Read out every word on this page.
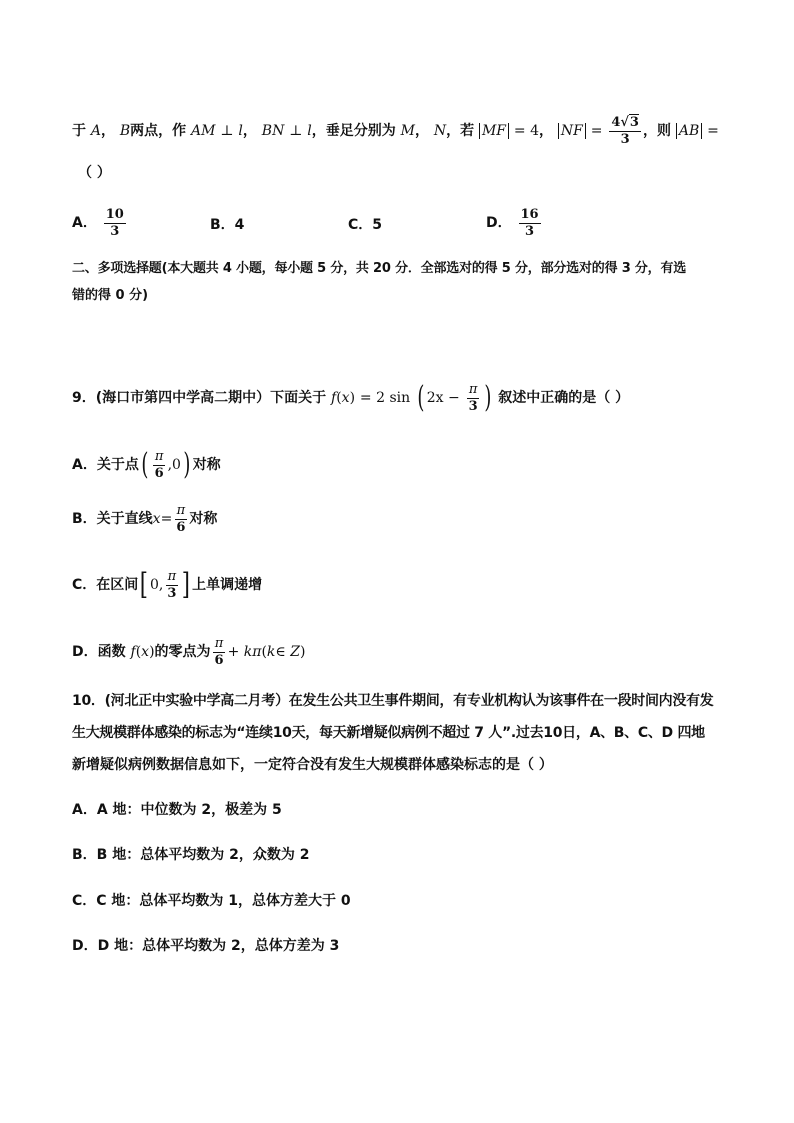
于 A， B两点，作 AM ⊥ l， BN ⊥ l，垂足分别为 M， N，若 MF = 4， NF = $\frac{4√3}{3}$ ，则 AB =
（ ）
A． $\frac{10}{3}$	B．4	C．5	D． $\frac{16}{3}$
二、多项选择题(本大题共 4 小题，每小题 5 分，共 20 分．全部选对的得 5 分，部分选对的得 3 分，有选
错的得 0 分)
9．(海口市第四中学高二期中）下面关于 f(x) = 2 sin ( $2x - \frac{\pi}{3}$ ) 叙述中正确的是（ ）
A．关于点( $\frac{\pi}{6} ,0$) 对称
B．关于直线$x= \frac{\pi}{6}$ 对称
C．在区间[ 0, $\frac{\pi}{3}$ ] 上单调递增
D．函数 f(x)的零点为 $\frac{\pi}{6}$ + kπ(k∈ Z)
10．(河北正中实验中学高二月考）在发生公共卫生事件期间，有专业机构认为该事件在一段时间内没有发
生大规模群体感染的标志为“连续10天，每天新增疑似病例不超过 7 人”.过去10日，A、B、C、D 四地
新增疑似病例数据信息如下，一定符合没有发生大规模群体感染标志的是（ ）
A．A 地：中位数为 2，极差为 5
B．B 地：总体平均数为 2，众数为 2
C．C 地：总体平均数为 1，总体方差大于 0
D．D 地：总体平均数为 2，总体方差为 3
